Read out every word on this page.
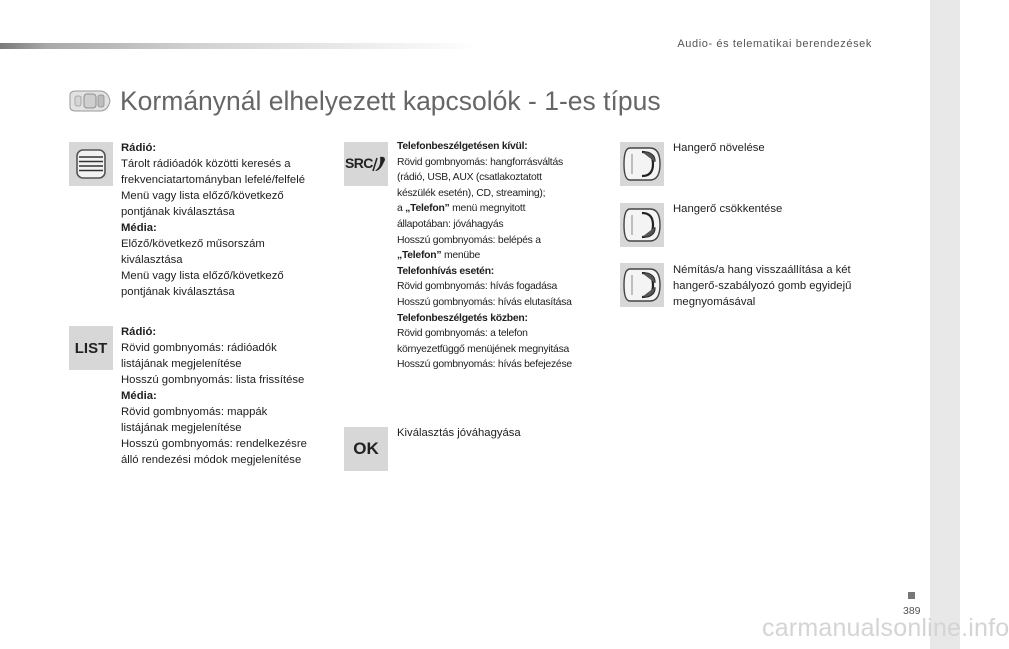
Audio- és telematikai berendezések
Kormánynál elhelyezett kapcsolók - 1-es típus
LIST
Rádió:
Tárolt rádióadók közötti keresés a
frekvenciatartományban lefelé/felfelé
Menü vagy lista előző/következő
pontjának kiválasztása
Média:
Előző/következő műsorszám
kiválasztása
Menü vagy lista előző/következő
pontjának kiválasztása
Rádió:
Rövid gombnyomás: rádióadók
listájának megjelenítése
Hosszú gombnyomás: lista frissítése
Média:
Rövid gombnyomás: mappák
listájának megjelenítése
Hosszú gombnyomás: rendelkezésre
álló rendezési módok megjelenítése
SRC
OK
Telefonbeszélgetésen kívül:
Rövid gombnyomás: hangforrásváltás
(rádió, USB, AUX (csatlakoztatott
készülék esetén), CD, streaming);
a „Telefon” menü megnyitott
állapotában: jóváhagyás
Hosszú gombnyomás: belépés a
„Telefon” menübe
Telefonhívás esetén:
Rövid gombnyomás: hívás fogadása
Hosszú gombnyomás: hívás elutasítása
Telefonbeszélgetés közben:
Rövid gombnyomás: a telefon
környezetfüggő menüjének megnyitása
Hosszú gombnyomás: hívás befejezése
Kiválasztás jóváhagyása
Hangerő növelése
Hangerő csökkentése
Némítás/a hang visszaállítása a két
hangerő-szabályozó gomb egyidejű
megnyomásával
389
carmanualsonline.info
